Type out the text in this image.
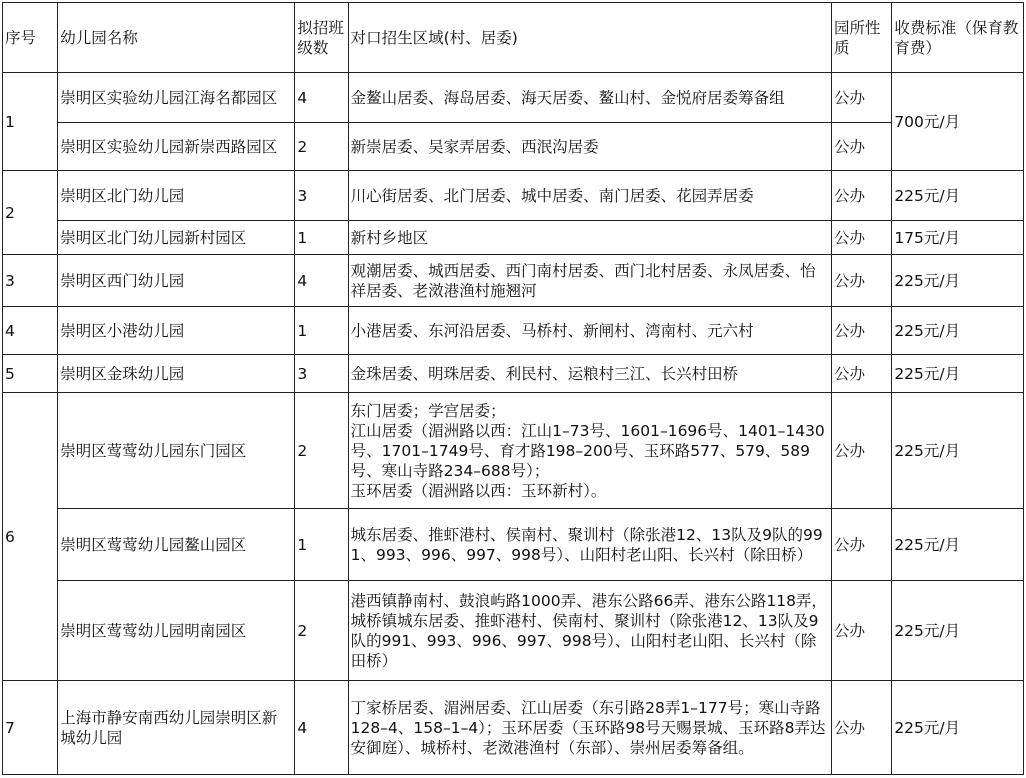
序号	幼儿园名称	拟招班级数	对口招生区域(村、居委)	园所性质	收费标准（保育教育费）
1	崇明区实验幼儿园江海名都园区	4	金鳌山居委、海岛居委、海天居委、鳌山村、金悦府居委筹备组	公办	700元/月
	崇明区实验幼儿园新崇西路园区	2	新崇居委、吴家弄居委、西泯沟居委	公办	
2	崇明区北门幼儿园	3	川心街居委、北门居委、城中居委、南门居委、花园弄居委	公办	225元/月
	崇明区北门幼儿园新村园区	1	新村乡地区	公办	175元/月
3	崇明区西门幼儿园	4	观潮居委、城西居委、西门南村居委、西门北村居委、永凤居委、怡祥居委、老滧港渔村施翘河	公办	225元/月
4	崇明区小港幼儿园	1	小港居委、东河沿居委、马桥村、新闸村、湾南村、元六村	公办	225元/月
5	崇明区金珠幼儿园	3	金珠居委、明珠居委、利民村、运粮村三江、长兴村田桥	公办	225元/月
6	崇明区莺莺幼儿园东门园区	2	东门居委；学宫居委；
江山居委（湄洲路以西：江山1–73号、1601–1696号、1401–1430号、1701–1749号、育才路198–200号、玉环路577、579、589号、寒山寺路234–688号）；
玉环居委（湄洲路以西：玉环新村）。	公办	225元/月
	崇明区莺莺幼儿园鳌山园区	1	城东居委、推虾港村、侯南村、聚训村（除张港12、13队及9队的991、993、996、997、998号）、山阳村老山阳、长兴村（除田桥）	公办	225元/月
	崇明区莺莺幼儿园明南园区	2	港西镇静南村、鼓浪屿路1000弄、港东公路66弄、港东公路118弄，城桥镇城东居委、推虾港村、侯南村、聚训村（除张港12、13队及9队的991、993、996、997、998号）、山阳村老山阳、长兴村（除田桥）	公办	225元/月
7	上海市静安南西幼儿园崇明区新城幼儿园	4	丁家桥居委、湄洲居委、江山居委（东引路28弄1–177号；寒山寺路128–4、158–1–4）；玉环居委（玉环路98号天赐景城、玉环路8弄达安御庭）、城桥村、老滧港渔村（东部）、崇州居委筹备组。	公办	225元/月
